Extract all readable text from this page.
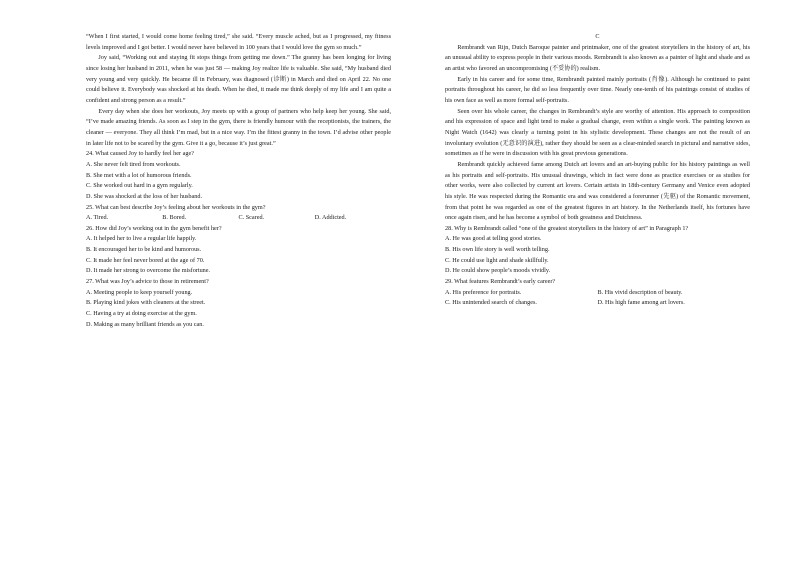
“When I first started, I would come home feeling tired,” she said. “Every muscle ached, but as I progressed, my fitness levels improved and I got better. I would never have believed in 100 years that I would love the gym so much.”

Joy said, “Working out and staying fit stops things from getting me down.” The granny has been longing for living since losing her husband in 2011, when he was just 58 — making Joy realize life is valuable. She said, “My husband died very young and very quickly. He became ill in February, was diagnosed (诊断) in March and died on April 22. No one could believe it. Everybody was shocked at his death. When he died, it made me think deeply of my life and I am quite a confident and strong person as a result.”

Every day when she does her workouts, Joy meets up with a group of partners who help keep her young. She said, “I’ve made amazing friends. As soon as I step in the gym, there is friendly humour with the receptionists, the trainers, the cleaner — everyone. They all think I’m mad, but in a nice way. I’m the fittest granny in the town. I’d advise other people in later life not to be scared by the gym. Give it a go, because it’s just great.”

24. What caused Joy to hardly feel her age?

A. She never felt tired from workouts.

B. She met with a lot of humorous friends.

C. She worked out hard in a gym regularly.

D. She was shocked at the loss of her husband.

25. What can best describe Joy’s feeling about her workouts in the gym?

A. Tired.	B. Bored.	C. Scared.	D. Addicted.

26. How did Joy’s working out in the gym benefit her?

A. It helped her to live a regular life happily.

B. It encouraged her to be kind and humorous.

C. It made her feel never bored at the age of 70.

D. It made her strong to overcome the misfortune.

27. What was Joy’s advice to those in retirement?

A. Meeting people to keep yourself young.

B. Playing kind jokes with cleaners at the street.

C. Having a try at doing exercise at the gym.

D. Making as many brilliant friends as you can.

C

Rembrandt van Rijn, Dutch Baroque painter and printmaker, one of the greatest storytellers in the history of art, his an unusual ability to express people in their various moods. Rembrandt is also known as a painter of light and shade and as an artist who favored an uncompromising (不妥协的) realism.

Early in his career and for some time, Rembrandt painted mainly portraits (肖像). Although he continued to paint portraits throughout his career, he did so less frequently over time. Nearly one-tenth of his paintings consist of studies of his own face as well as more formal self-portraits.

Seen over his whole career, the changes in Rembrandt’s style are worthy of attention. His approach to composition and his expression of space and light tend to make a gradual change, even within a single work. The painting known as Night Watch (1642) was clearly a turning point in his stylistic development. These changes are not the result of an involuntary evolution (无意识的演进), rather they should be seen as a clear-minded search in pictural and narrative sides, sometimes as if he were in discussion with his great previous generations.

Rembrandt quickly achieved fame among Dutch art lovers and an art-buying public for his history paintings as well as his portraits and self-portraits. His unusual drawings, which in fact were done as practice exercises or as studies for other works, were also collected by current art lovers. Certain artists in 18th-century Germany and Venice even adopted his style. He was respected during the Romantic era and was considered a forerunner (先驱) of the Romantic movement, from that point he was regarded as one of the greatest figures in art history. In the Netherlands itself, his fortunes have once again risen, and he has become a symbol of both greatness and Dutchness.

28. Why is Rembrandt called “one of the greatest storytellers in the history of art” in Paragraph 1?

A. He was good at telling good stories.

B. His own life story is well worth telling.

C. He could use light and shade skillfully.

D. He could show people’s moods vividly.

29. What features Rembrandt’s early career?

A. His preference for portraits.	B. His vivid description of beauty.
C. His unintended search of changes.	D. His high fame among art lovers.
